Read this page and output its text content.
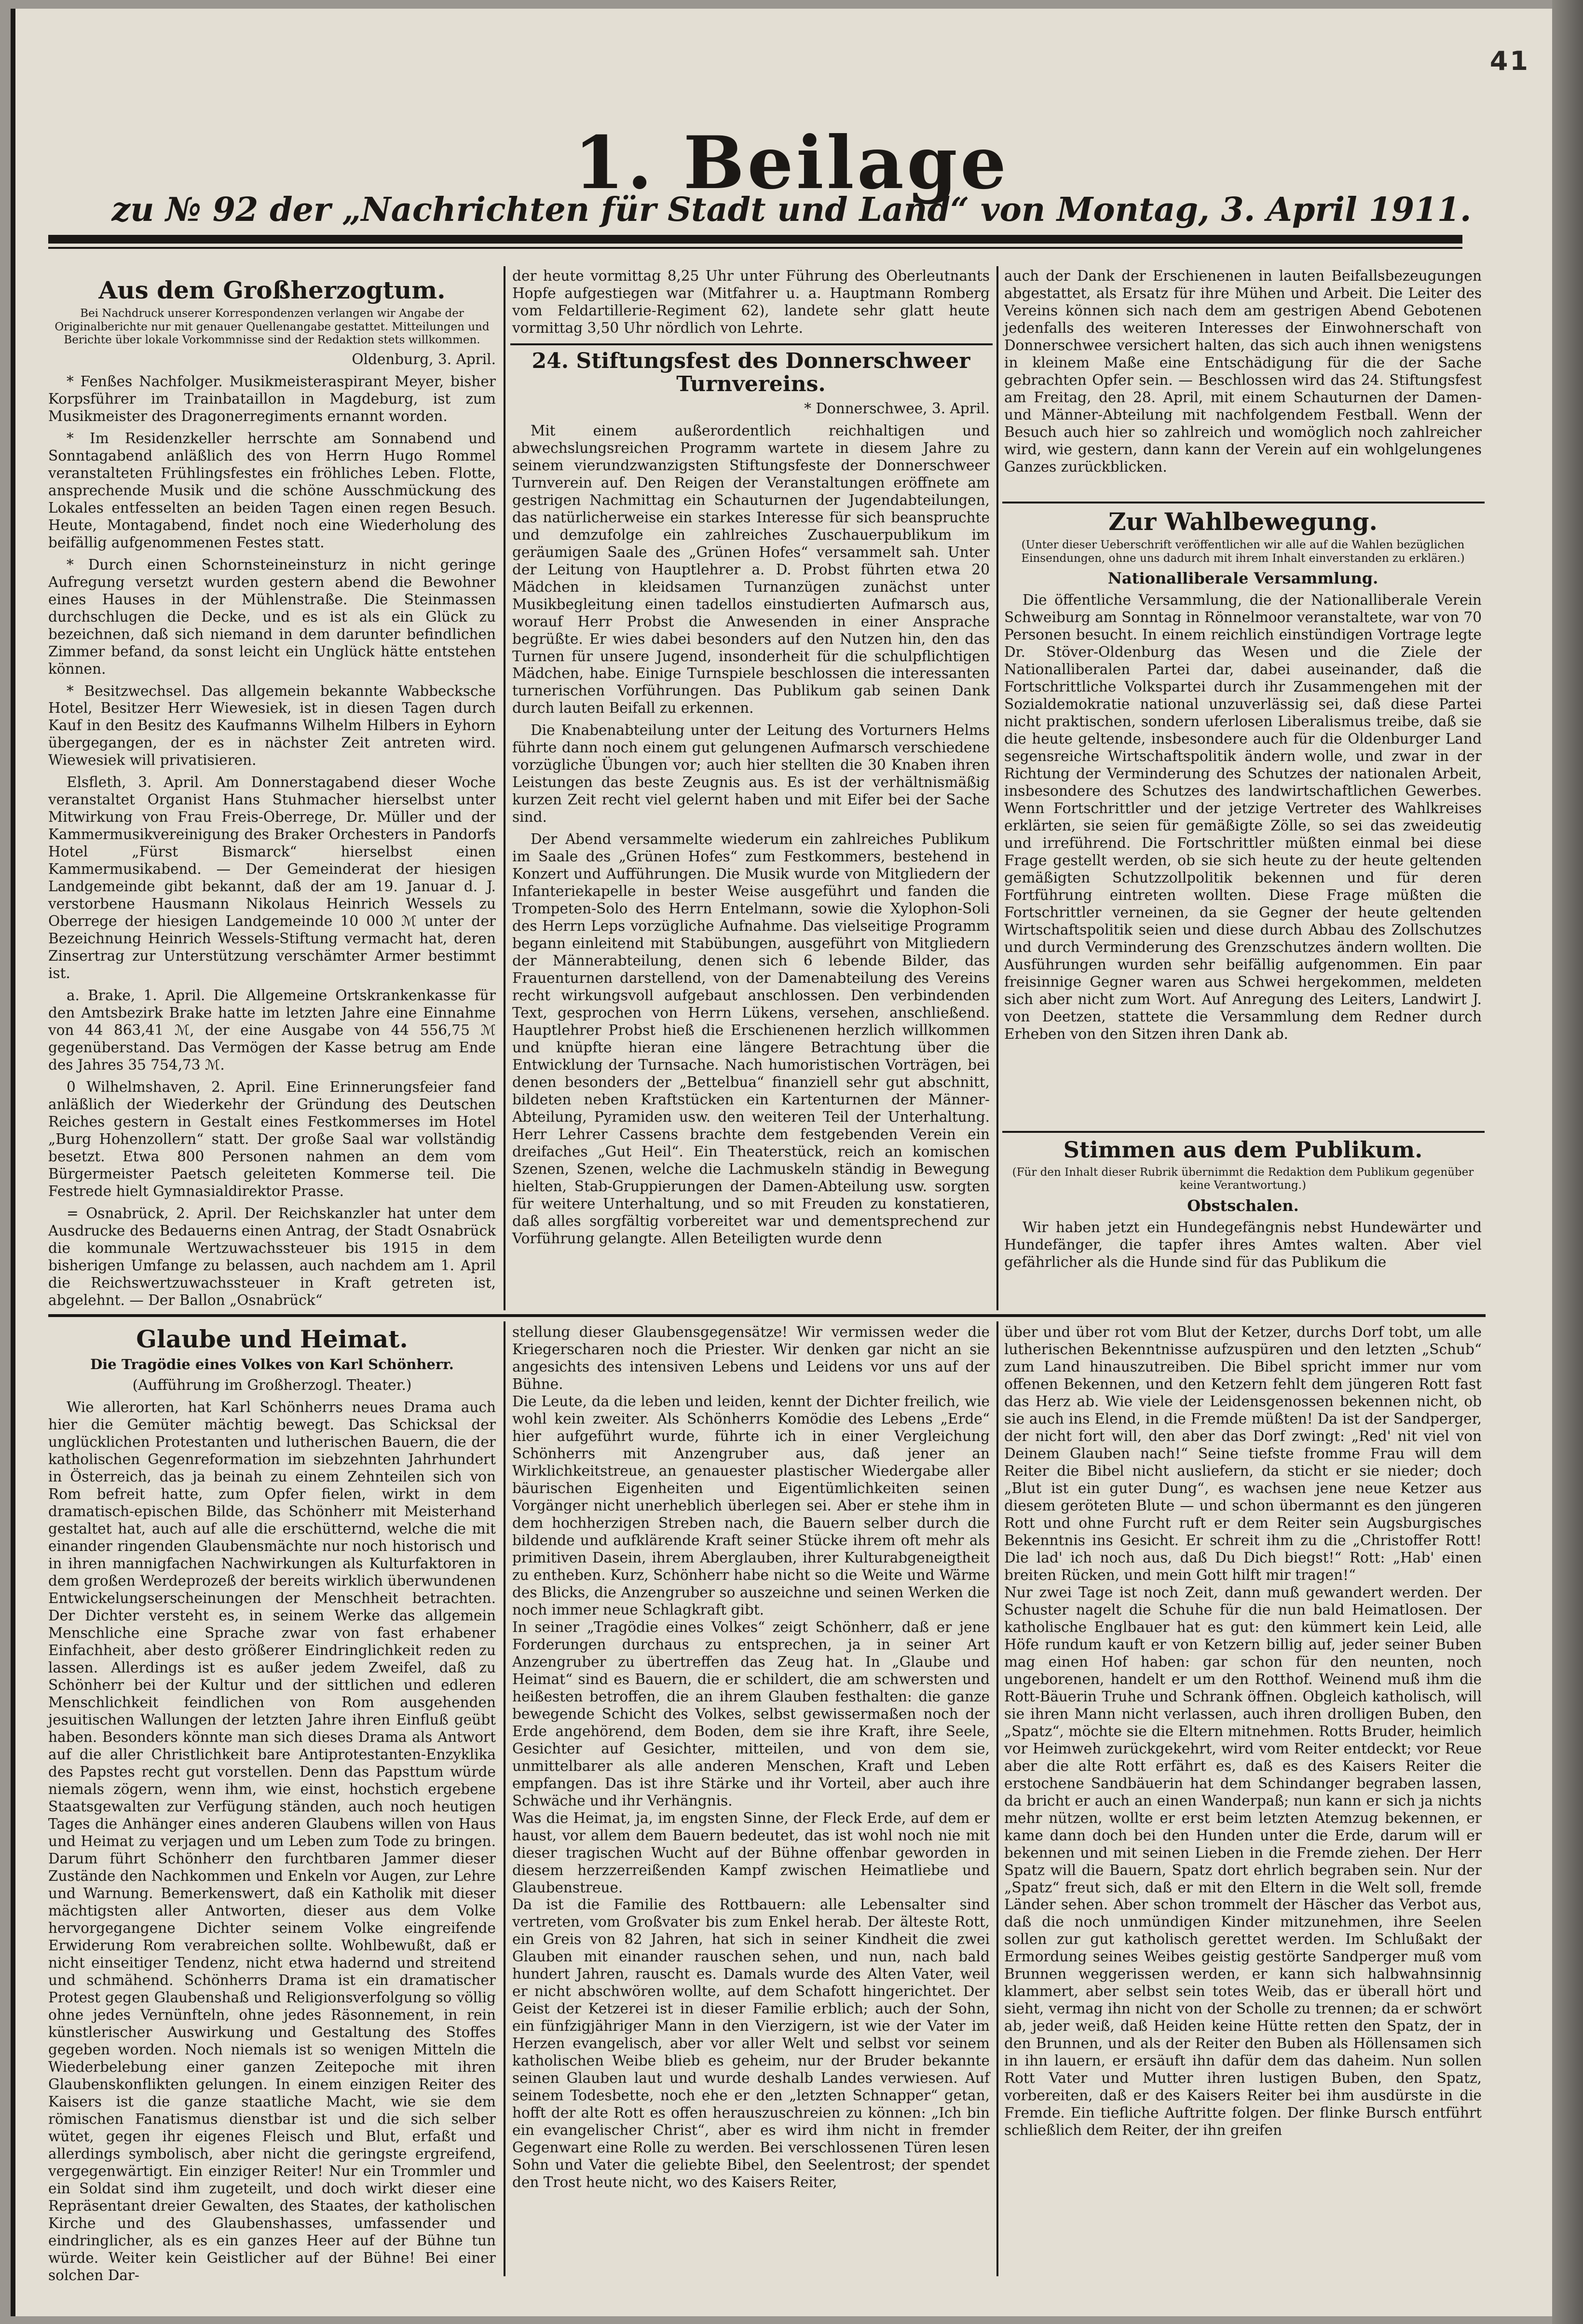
41
1. Beilage
zu № 92 der „Nachrichten für Stadt und Land“ von Montag, 3. April 1911.
Aus dem Großherzogtum.
Bei Nachdruck unserer Korrespondenzen verlangen wir Angabe der Originalberichte nur mit genauer Quellenangabe gestattet. Mitteilungen und Berichte über lokale Vorkommnisse sind der Redaktion stets willkommen.

Oldenburg, 3. April.

* Fenßes Nachfolger. Musikmeisteraspirant Meyer, bisher Korpsführer im Trainbataillon in Magdeburg, ist zum Musikmeister des Dragonerregiments ernannt worden.

* Im Residenzkeller herrschte am Sonnabend und Sonntagabend anläßlich des von Herrn Hugo Rommel veranstalteten Frühlingsfestes ein fröhliches Leben. Flotte, ansprechende Musik und die schöne Ausschmückung des Lokales entfesselten an beiden Tagen einen regen Besuch. Heute, Montagabend, findet noch eine Wiederholung des beifällig aufgenommenen Festes statt.

* Durch einen Schornsteineinsturz in nicht geringe Aufregung versetzt wurden gestern abend die Bewohner eines Hauses in der Mühlenstraße. Die Steinmassen durchschlugen die Decke, und es ist als ein Glück zu bezeichnen, daß sich niemand in dem darunter befindlichen Zimmer befand, da sonst leicht ein Unglück hätte entstehen können.

* Besitzwechsel. Das allgemein bekannte Wabbecksche Hotel, Besitzer Herr Wiewesiek, ist in diesen Tagen durch Kauf in den Besitz des Kaufmanns Wilhelm Hilbers in Eyhorn übergegangen, der es in nächster Zeit antreten wird. Wiewesiek will privatisieren.

Elsfleth, 3. April. Am Donnerstagabend dieser Woche veranstaltet Organist Hans Stuhmacher hierselbst unter Mitwirkung von Frau Freis-Oberrege, Dr. Müller und der Kammermusikvereinigung des Braker Orchesters in Pandorfs Hotel „Fürst Bismarck“ hierselbst einen Kammermusikabend. — Der Gemeinderat der hiesigen Landgemeinde gibt bekannt, daß der am 19. Januar d. J. verstorbene Hausmann Nikolaus Heinrich Wessels zu Oberrege der hiesigen Landgemeinde 10 000 ℳ unter der Bezeichnung Heinrich Wessels-Stiftung vermacht hat, deren Zinsertrag zur Unterstützung verschämter Armer bestimmt ist.

a. Brake, 1. April. Die Allgemeine Ortskrankenkasse für den Amtsbezirk Brake hatte im letzten Jahre eine Einnahme von 44 863,41 ℳ, der eine Ausgabe von 44 556,75 ℳ gegenüberstand. Das Vermögen der Kasse betrug am Ende des Jahres 35 754,73 ℳ.

0 Wilhelmshaven, 2. April. Eine Erinnerungsfeier fand anläßlich der Wiederkehr der Gründung des Deutschen Reiches gestern in Gestalt eines Festkommerses im Hotel „Burg Hohenzollern“ statt. Der große Saal war vollständig besetzt. Etwa 800 Personen nahmen an dem vom Bürgermeister Paetsch geleiteten Kommerse teil. Die Festrede hielt Gymnasialdirektor Prasse.

= Osnabrück, 2. April. Der Reichskanzler hat unter dem Ausdrucke des Bedauerns einen Antrag, der Stadt Osnabrück die kommunale Wertzuwachssteuer bis 1915 in dem bisherigen Umfange zu belassen, auch nachdem am 1. April die Reichswertzuwachssteuer in Kraft getreten ist, abgelehnt. — Der Ballon „Osnabrück“

der heute vormittag 8,25 Uhr unter Führung des Oberleutnants Hopfe aufgestiegen war (Mitfahrer u. a. Hauptmann Romberg vom Feldartillerie-Regiment 62), landete sehr glatt heute vormittag 3,50 Uhr nördlich von Lehrte.

24. Stiftungsfest des Donnerschweer Turnvereins.

* Donnerschwee, 3. April.

Mit einem außerordentlich reichhaltigen und abwechslungsreichen Programm wartete in diesem Jahre zu seinem vierundzwanzigsten Stiftungsfeste der Donnerschweer Turnverein auf. Den Reigen der Veranstaltungen eröffnete am gestrigen Nachmittag ein Schauturnen der Jugendabteilungen, das natürlicherweise ein starkes Interesse für sich beanspruchte und demzufolge ein zahlreiches Zuschauerpublikum im geräumigen Saale des „Grünen Hofes“ versammelt sah. Unter der Leitung von Hauptlehrer a. D. Probst führten etwa 20 Mädchen in kleidsamen Turnanzügen zunächst unter Musikbegleitung einen tadellos einstudierten Aufmarsch aus, worauf Herr Probst die Anwesenden in einer Ansprache begrüßte. Er wies dabei besonders auf den Nutzen hin, den das Turnen für unsere Jugend, insonderheit für die schulpflichtigen Mädchen, habe. Einige Turnspiele beschlossen die interessanten turnerischen Vorführungen. Das Publikum gab seinen Dank durch lauten Beifall zu erkennen.

Die Knabenabteilung unter der Leitung des Vorturners Helms führte dann noch einem gut gelungenen Aufmarsch verschiedene vorzügliche Übungen vor; auch hier stellten die 30 Knaben ihren Leistungen das beste Zeugnis aus. Es ist der verhältnismäßig kurzen Zeit recht viel gelernt haben und mit Eifer bei der Sache sind.

Der Abend versammelte wiederum ein zahlreiches Publikum im Saale des „Grünen Hofes“ zum Festkommers, bestehend in Konzert und Aufführungen. Die Musik wurde von Mitgliedern der Infanteriekapelle in bester Weise ausgeführt und fanden die Trompeten-Solo des Herrn Entelmann, sowie die Xylophon-Soli des Herrn Leps vorzügliche Aufnahme. Das vielseitige Programm begann einleitend mit Stabübungen, ausgeführt von Mitgliedern der Männerabteilung, denen sich 6 lebende Bilder, das Frauenturnen darstellend, von der Damenabteilung des Vereins recht wirkungsvoll aufgebaut anschlossen. Den verbindenden Text, gesprochen von Herrn Lükens, versehen, anschließend. Hauptlehrer Probst hieß die Erschienenen herzlich willkommen und knüpfte hieran eine längere Betrachtung über die Entwicklung der Turnsache. Nach humoristischen Vorträgen, bei denen besonders der „Bettelbua“ finanziell sehr gut abschnitt, bildeten neben Kraftstücken ein Kartenturnen der Männer-Abteilung, Pyramiden usw. den weiteren Teil der Unterhaltung. Herr Lehrer Cassens brachte dem festgebenden Verein ein dreifaches „Gut Heil“. Ein Theaterstück, reich an komischen Szenen, Szenen, welche die Lachmuskeln ständig in Bewegung hielten, Stab-Gruppierungen der Damen-Abteilung usw. sorgten für weitere Unterhaltung, und so mit Freuden zu konstatieren, daß alles sorgfältig vorbereitet war und dementsprechend zur Vorführung gelangte. Allen Beteiligten wurde denn

auch der Dank der Erschienenen in lauten Beifallsbezeugungen abgestattet, als Ersatz für ihre Mühen und Arbeit. Die Leiter des Vereins können sich nach dem am gestrigen Abend Gebotenen jedenfalls des weiteren Interesses der Einwohnerschaft von Donnerschwee versichert halten, das sich auch ihnen wenigstens in kleinem Maße eine Entschädigung für die der Sache gebrachten Opfer sein. — Beschlossen wird das 24. Stiftungsfest am Freitag, den 28. April, mit einem Schauturnen der Damen- und Männer-Abteilung mit nachfolgendem Festball. Wenn der Besuch auch hier so zahlreich und womöglich noch zahlreicher wird, wie gestern, dann kann der Verein auf ein wohlgelungenes Ganzes zurückblicken.

Zur Wahlbewegung.
(Unter dieser Ueberschrift veröffentlichen wir alle auf die Wahlen bezüglichen Einsendungen, ohne uns dadurch mit ihrem Inhalt einverstanden zu erklären.)
Nationalliberale Versammlung.

Die öffentliche Versammlung, die der Nationalliberale Verein Schweiburg am Sonntag in Rönnelmoor veranstaltete, war von 70 Personen besucht. In einem reichlich einstündigen Vortrage legte Dr. Stöver-Oldenburg das Wesen und die Ziele der Nationalliberalen Partei dar, dabei auseinander, daß die Fortschrittliche Volkspartei durch ihr Zusammengehen mit der Sozialdemokratie national unzuverlässig sei, daß diese Partei nicht praktischen, sondern uferlosen Liberalismus treibe, daß sie die heute geltende, insbesondere auch für die Oldenburger Land segensreiche Wirtschaftspolitik ändern wolle, und zwar in der Richtung der Verminderung des Schutzes der nationalen Arbeit, insbesondere des Schutzes des landwirtschaftlichen Gewerbes. Wenn Fortschrittler und der jetzige Vertreter des Wahlkreises erklärten, sie seien für gemäßigte Zölle, so sei das zweideutig und irreführend. Die Fortschrittler müßten einmal bei diese Frage gestellt werden, ob sie sich heute zu der heute geltenden gemäßigten Schutzzollpolitik bekennen und für deren Fortführung eintreten wollten. Diese Frage müßten die Fortschrittler verneinen, da sie Gegner der heute geltenden Wirtschaftspolitik seien und diese durch Abbau des Zollschutzes und durch Verminderung des Grenzschutzes ändern wollten. Die Ausführungen wurden sehr beifällig aufgenommen. Ein paar freisinnige Gegner waren aus Schwei hergekommen, meldeten sich aber nicht zum Wort. Auf Anregung des Leiters, Landwirt J. von Deetzen, stattete die Versammlung dem Redner durch Erheben von den Sitzen ihren Dank ab.

Stimmen aus dem Publikum.
(Für den Inhalt dieser Rubrik übernimmt die Redaktion dem Publikum gegenüber keine Verantwortung.)
Obstschalen.

Wir haben jetzt ein Hundegefängnis nebst Hundewärter und Hundefänger, die tapfer ihres Amtes walten. Aber viel gefährlicher als die Hunde sind für das Publikum die

Glaube und Heimat.
Die Tragödie eines Volkes von Karl Schönherr.

(Aufführung im Großherzogl. Theater.)

Wie allerorten, hat Karl Schönherrs neues Drama auch hier die Gemüter mächtig bewegt. Das Schicksal der unglücklichen Protestanten und lutherischen Bauern, die der katholischen Gegenreformation im siebzehnten Jahrhundert in Österreich, das ja beinah zu einem Zehnteilen sich von Rom befreit hatte, zum Opfer fielen, wirkt in dem dramatisch-epischen Bilde, das Schönherr mit Meisterhand gestaltet hat, auch auf alle die erschütternd, welche die mit einander ringenden Glaubensmächte nur noch historisch und in ihren mannigfachen Nachwirkungen als Kulturfaktoren in dem großen Werdeprozeß der bereits wirklich überwundenen Entwickelungserscheinungen der Menschheit betrachten. Der Dichter versteht es, in seinem Werke das allgemein Menschliche eine Sprache zwar von fast erhabener Einfachheit, aber desto größerer Eindringlichkeit reden zu lassen. Allerdings ist es außer jedem Zweifel, daß zu Schönherr bei der Kultur und der sittlichen und edleren Menschlichkeit feindlichen von Rom ausgehenden jesuitischen Wallungen der letzten Jahre ihren Einfluß geübt haben. Besonders könnte man sich dieses Drama als Antwort auf die aller Christlichkeit bare Antiprotestanten-Enzyklika des Papstes recht gut vorstellen. Denn das Papsttum würde niemals zögern, wenn ihm, wie einst, hochstich ergebene Staatsgewalten zur Verfügung ständen, auch noch heutigen Tages die Anhänger eines anderen Glaubens willen von Haus und Heimat zu verjagen und um Leben zum Tode zu bringen. Darum führt Schönherr den furchtbaren Jammer dieser Zustände den Nachkommen und Enkeln vor Augen, zur Lehre und Warnung. Bemerkenswert, daß ein Katholik mit dieser mächtigsten aller Antworten, dieser aus dem Volke hervorgegangene Dichter seinem Volke eingreifende Erwiderung Rom verabreichen sollte. Wohlbewußt, daß er nicht einseitiger Tendenz, nicht etwa hadernd und streitend und schmähend. Schönherrs Drama ist ein dramatischer Protest gegen Glaubenshaß und Religionsverfolgung so völlig ohne jedes Vernünfteln, ohne jedes Räsonnement, in rein künstlerischer Auswirkung und Gestaltung des Stoffes gegeben worden. Noch niemals ist so wenigen Mitteln die Wiederbelebung einer ganzen Zeitepoche mit ihren Glaubenskonflikten gelungen. In einem einzigen Reiter des Kaisers ist die ganze staatliche Macht, wie sie dem römischen Fanatismus dienstbar ist und die sich selber wütet, gegen ihr eigenes Fleisch und Blut, erfaßt und allerdings symbolisch, aber nicht die geringste ergreifend, vergegenwärtigt. Ein einziger Reiter! Nur ein Trommler und ein Soldat sind ihm zugeteilt, und doch wirkt dieser eine Repräsentant dreier Gewalten, des Staates, der katholischen Kirche und des Glaubenshasses, umfassender und eindringlicher, als es ein ganzes Heer auf der Bühne tun würde. Weiter kein Geistlicher auf der Bühne! Bei einer solchen Dar-

stellung dieser Glaubensgegensätze! Wir vermissen weder die Kriegerscharen noch die Priester. Wir denken gar nicht an sie angesichts des intensiven Lebens und Leidens vor uns auf der Bühne.
Die Leute, da die leben und leiden, kennt der Dichter freilich, wie wohl kein zweiter. Als Schönherrs Komödie des Lebens „Erde“ hier aufgeführt wurde, führte ich in einer Vergleichung Schönherrs mit Anzengruber aus, daß jener an Wirklichkeitstreue, an genauester plastischer Wiedergabe aller bäurischen Eigenheiten und Eigentümlichkeiten seinen Vorgänger nicht unerheblich überlegen sei. Aber er stehe ihm in dem hochherzigen Streben nach, die Bauern selber durch die bildende und aufklärende Kraft seiner Stücke ihrem oft mehr als primitiven Dasein, ihrem Aberglauben, ihrer Kulturabgeneigtheit zu entheben. Kurz, Schönherr habe nicht so die Weite und Wärme des Blicks, die Anzengruber so auszeichne und seinen Werken die noch immer neue Schlagkraft gibt.
In seiner „Tragödie eines Volkes“ zeigt Schönherr, daß er jene Forderungen durchaus zu entsprechen, ja in seiner Art Anzengruber zu übertreffen das Zeug hat. In „Glaube und Heimat“ sind es Bauern, die er schildert, die am schwersten und heißesten betroffen, die an ihrem Glauben festhalten: die ganze bewegende Schicht des Volkes, selbst gewissermaßen noch der Erde angehörend, dem Boden, dem sie ihre Kraft, ihre Seele, Gesichter auf Gesichter, mitteilen, und von dem sie, unmittelbarer als alle anderen Menschen, Kraft und Leben empfangen. Das ist ihre Stärke und ihr Vorteil, aber auch ihre Schwäche und ihr Verhängnis.
Was die Heimat, ja, im engsten Sinne, der Fleck Erde, auf dem er haust, vor allem dem Bauern bedeutet, das ist wohl noch nie mit dieser tragischen Wucht auf der Bühne offenbar geworden in diesem herzzerreißenden Kampf zwischen Heimatliebe und Glaubenstreue.
Da ist die Familie des Rottbauern: alle Lebensalter sind vertreten, vom Großvater bis zum Enkel herab. Der älteste Rott, ein Greis von 82 Jahren, hat sich in seiner Kindheit die zwei Glauben mit einander rauschen sehen, und nun, nach bald hundert Jahren, rauscht es. Damals wurde des Alten Vater, weil er nicht abschwören wollte, auf dem Schafott hingerichtet. Der Geist der Ketzerei ist in dieser Familie erblich; auch der Sohn, ein fünfzigjähriger Mann in den Vierzigern, ist wie der Vater im Herzen evangelisch, aber vor aller Welt und selbst vor seinem katholischen Weibe blieb es geheim, nur der Bruder bekannte seinen Glauben laut und wurde deshalb Landes verwiesen. Auf seinem Todesbette, noch ehe er den „letzten Schnapper“ getan, hofft der alte Rott es offen herauszuschreien zu können: „Ich bin ein evangelischer Christ“, aber es wird ihm nicht in fremder Gegenwart eine Rolle zu werden. Bei verschlossenen Türen lesen Sohn und Vater die geliebte Bibel, den Seelentrost; der spendet den Trost heute nicht, wo des Kaisers Reiter,

über und über rot vom Blut der Ketzer, durchs Dorf tobt, um alle lutherischen Bekenntnisse aufzuspüren und den letzten „Schub“ zum Land hinauszutreiben. Die Bibel spricht immer nur vom offenen Bekennen, und den Ketzern fehlt dem jüngeren Rott fast das Herz ab. Wie viele der Leidensgenossen bekennen nicht, ob sie auch ins Elend, in die Fremde müßten! Da ist der Sandperger, der nicht fort will, den aber das Dorf zwingt: „Red' nit viel von Deinem Glauben nach!“ Seine tiefste fromme Frau will dem Reiter die Bibel nicht ausliefern, da sticht er sie nieder; doch „Blut ist ein guter Dung“, es wachsen jene neue Ketzer aus diesem geröteten Blute — und schon übermannt es den jüngeren Rott und ohne Furcht ruft er dem Reiter sein Augsburgisches Bekenntnis ins Gesicht. Er schreit ihm zu die „Christoffer Rott! Die lad' ich noch aus, daß Du Dich biegst!“ Rott: „Hab' einen breiten Rücken, und mein Gott hilft mir tragen!“
Nur zwei Tage ist noch Zeit, dann muß gewandert werden. Der Schuster nagelt die Schuhe für die nun bald Heimatlosen. Der katholische Englbauer hat es gut: den kümmert kein Leid, alle Höfe rundum kauft er von Ketzern billig auf, jeder seiner Buben mag einen Hof haben: gar schon für den neunten, noch ungeborenen, handelt er um den Rotthof. Weinend muß ihm die Rott-Bäuerin Truhe und Schrank öffnen. Obgleich katholisch, will sie ihren Mann nicht verlassen, auch ihren drolligen Buben, den „Spatz“, möchte sie die Eltern mitnehmen. Rotts Bruder, heimlich vor Heimweh zurückgekehrt, wird vom Reiter entdeckt; vor Reue aber die alte Rott erfährt es, daß es des Kaisers Reiter die erstochene Sandbäuerin hat dem Schindanger begraben lassen, da bricht er auch an einen Wanderpaß; nun kann er sich ja nichts mehr nützen, wollte er erst beim letzten Atemzug bekennen, er kame dann doch bei den Hunden unter die Erde, darum will er bekennen und mit seinen Lieben in die Fremde ziehen. Der Herr Spatz will die Bauern, Spatz dort ehrlich begraben sein. Nur der „Spatz“ freut sich, daß er mit den Eltern in die Welt soll, fremde Länder sehen. Aber schon trommelt der Häscher das Verbot aus, daß die noch unmündigen Kinder mitzunehmen, ihre Seelen sollen zur gut katholisch gerettet werden. Im Schlußakt der Ermordung seines Weibes geistig gestörte Sandperger muß vom Brunnen weggerissen werden, er kann sich halbwahnsinnig klammert, aber selbst sein totes Weib, das er überall hört und sieht, vermag ihn nicht von der Scholle zu trennen; da er schwört ab, jeder weiß, daß Heiden keine Hütte retten den Spatz, der in den Brunnen, und als der Reiter den Buben als Höllensamen sich in ihn lauern, er ersäuft ihn dafür dem das daheim. Nun sollen Rott Vater und Mutter ihren lustigen Buben, den Spatz, vorbereiten, daß er des Kaisers Reiter bei ihm ausdürste in die Fremde. Ein tiefliche Auftritte folgen. Der flinke Bursch entführt schließlich dem Reiter, der ihn greifen
